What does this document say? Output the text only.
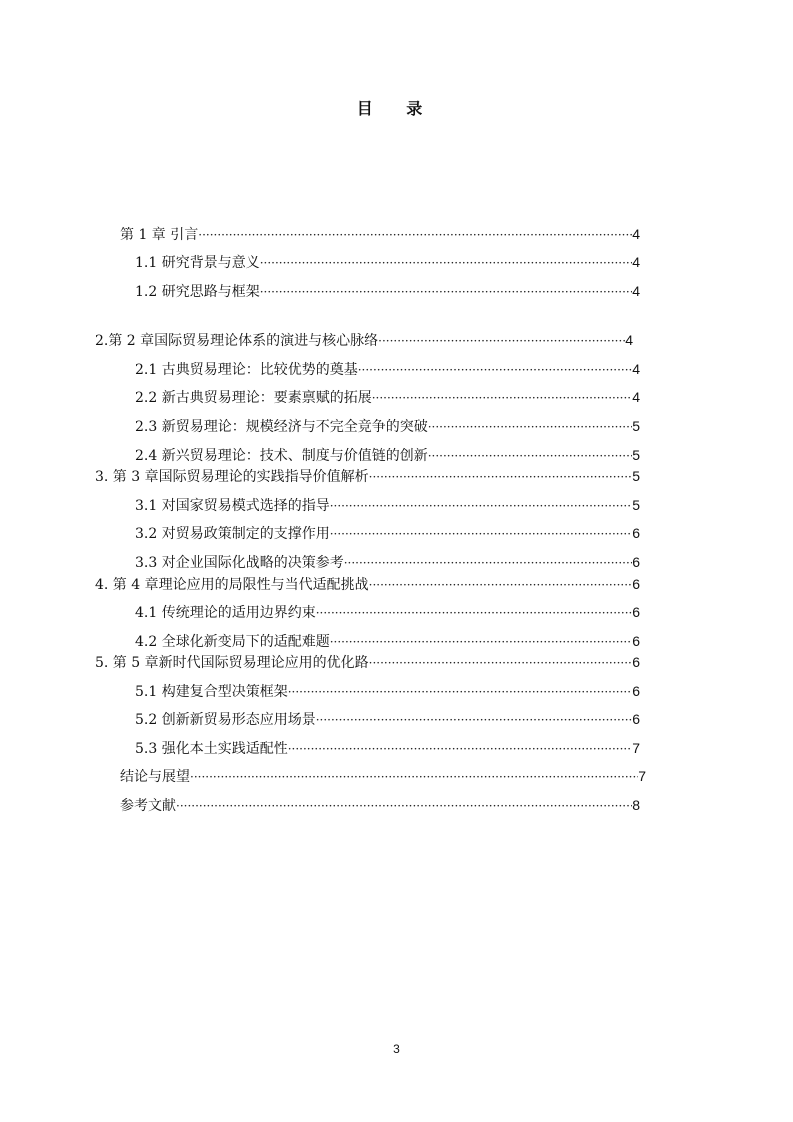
目 录
第 1 章 引言 ·····	4
1.1 研究背景与意义 ·····	4
1.2 研究思路与框架 ·····	4
2.第 2 章国际贸易理论体系的演进与核心脉络 ·····	4
2.1 古典贸易理论：比较优势的奠基 ·····	4
2.2 新古典贸易理论：要素禀赋的拓展 ·····	4
2.3 新贸易理论：规模经济与不完全竞争的突破 ·····	5
2.4 新兴贸易理论：技术、制度与价值链的创新 ·····	5
3. 第 3 章国际贸易理论的实践指导价值解析 ·····	5
3.1 对国家贸易模式选择的指导 ·····	5
3.2 对贸易政策制定的支撑作用 ·····	6
3.3 对企业国际化战略的决策参考 ·····	6
4. 第 4 章理论应用的局限性与当代适配挑战 ·····	6
4.1 传统理论的适用边界约束 ·····	6
4.2 全球化新变局下的适配难题 ·····	6
5. 第 5 章新时代国际贸易理论应用的优化路 ·····	6
5.1 构建复合型决策框架 ·····	6
5.2 创新新贸易形态应用场景 ·····	6
5.3 强化本土实践适配性 ·····	7
结论与展望 ·····	7
参考文献 ·····	8
3
